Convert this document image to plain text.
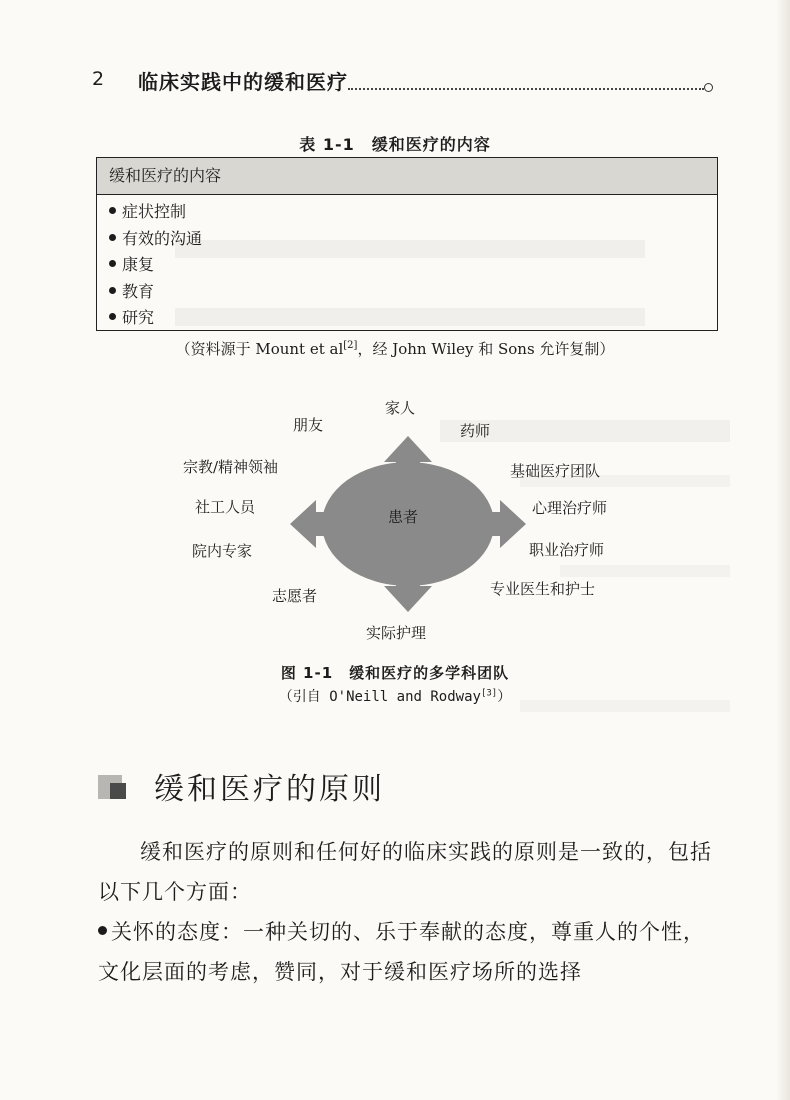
2 临床实践中的缓和医疗
表 1-1　缓和医疗的内容
缓和医疗的内容
症状控制
有效的沟通
康复
教育
研究
（资料源于 Mount et al[2]，经 John Wiley 和 Sons 允许复制）
患者
家人
药师
朋友
宗教/精神领袖	基础医疗团队
社工人员	心理治疗师
院内专家	职业治疗师
志愿者	专业医生和护士
实际护理
图 1-1　缓和医疗的多学科团队
（引自 O'Neill and Rodway[3]）
缓和医疗的原则

缓和医疗的原则和任何好的临床实践的原则是一致的，包括以下几个方面：

关怀的态度：一种关切的、乐于奉献的态度，尊重人的个性，文化层面的考虑，赞同，对于缓和医疗场所的选择
